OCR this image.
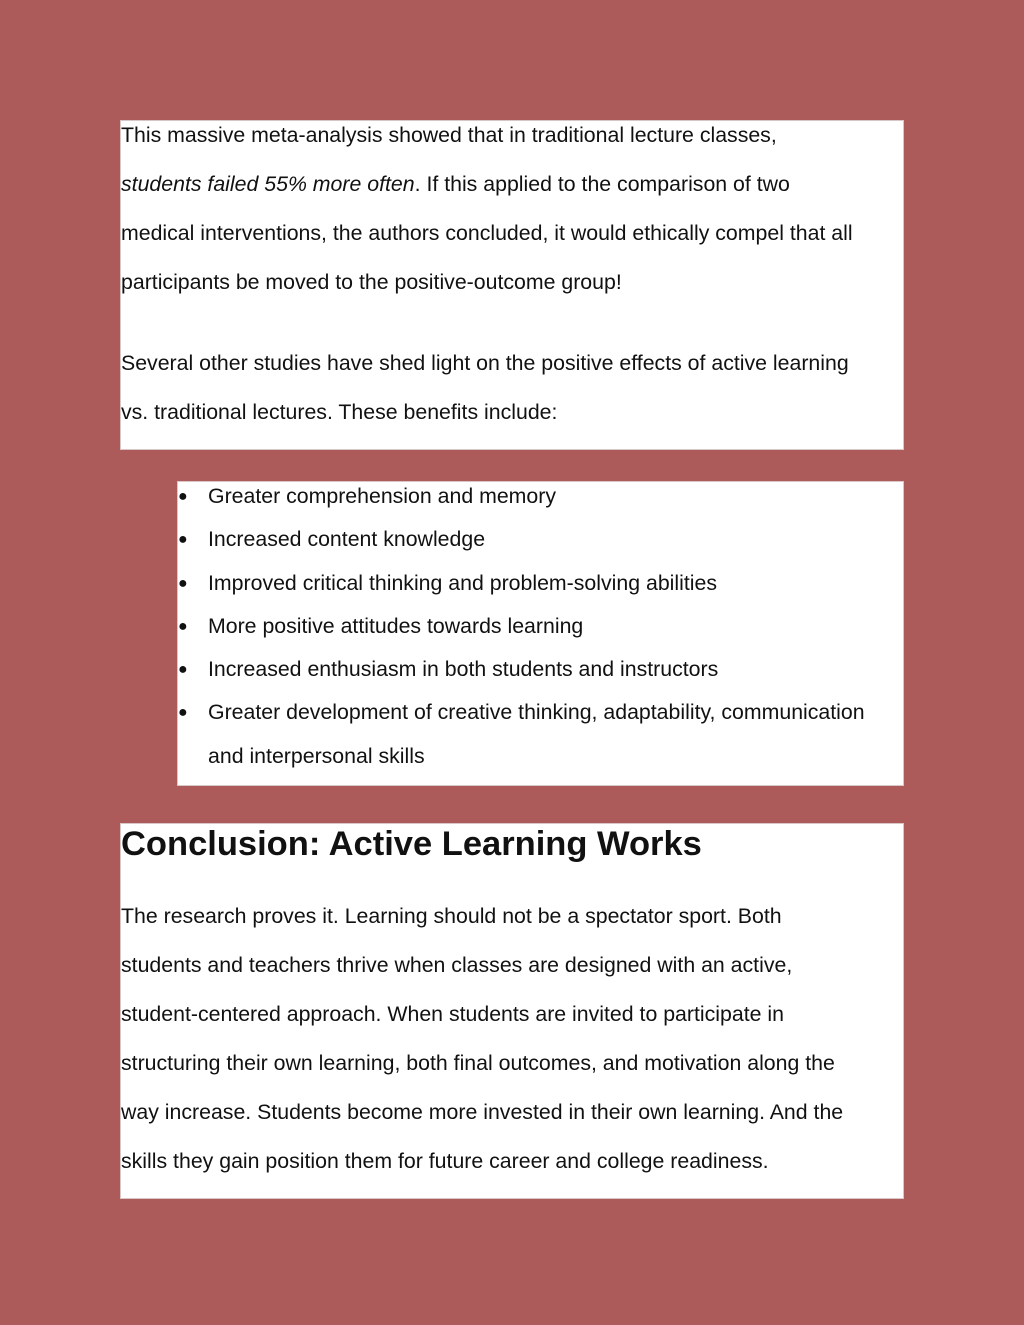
This massive meta-analysis showed that in traditional lecture classes,
students failed 55% more often. If this applied to the comparison of two
medical interventions, the authors concluded, it would ethically compel that all
participants be moved to the positive-outcome group!

Several other studies have shed light on the positive effects of active learning
vs. traditional lectures. These benefits include:

● Greater comprehension and memory
● Increased content knowledge
● Improved critical thinking and problem-solving abilities
● More positive attitudes towards learning
● Increased enthusiasm in both students and instructors
● Greater development of creative thinking, adaptability, communication
and interpersonal skills
Conclusion: Active Learning Works

The research proves it. Learning should not be a spectator sport. Both
students and teachers thrive when classes are designed with an active,
student-centered approach. When students are invited to participate in
structuring their own learning, both final outcomes, and motivation along the
way increase. Students become more invested in their own learning. And the
skills they gain position them for future career and college readiness.
